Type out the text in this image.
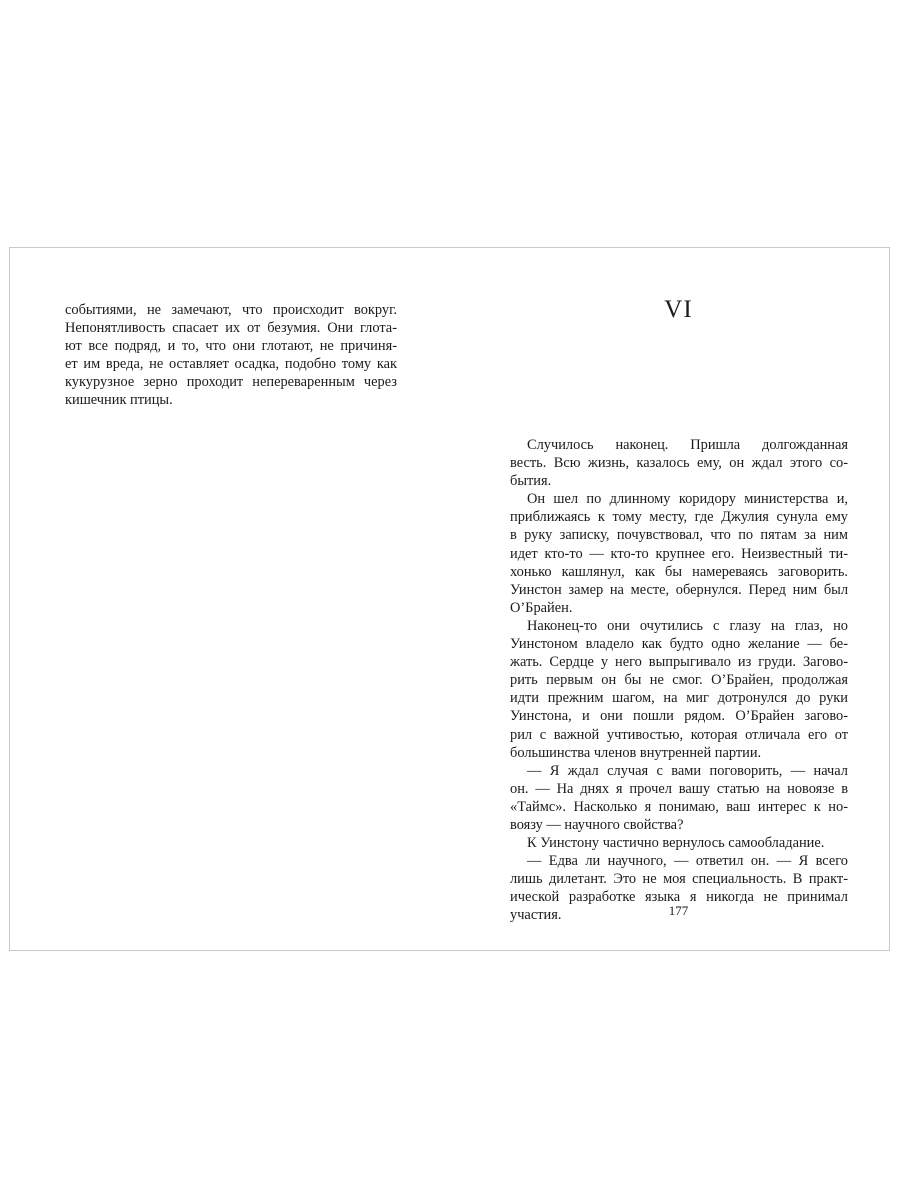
событиями, не замечают, что происходит вокруг.
Непонятливость спасает их от безумия. Они глота-
ют все подряд, и то, что они глотают, не причиня-
ет им вреда, не оставляет осадка, подобно тому как
кукурузное зерно проходит непереваренным через
кишечник птицы.
VI
Случилось наконец. Пришла долгожданная
весть. Всю жизнь, казалось ему, он ждал этого со-
бытия.
Он шел по длинному коридору министерства и,
приближаясь к тому месту, где Джулия сунула ему
в руку записку, почувствовал, что по пятам за ним
идет кто-то — кто-то крупнее его. Неизвестный ти-
хонько кашлянул, как бы намереваясь заговорить.
Уинстон замер на месте, обернулся. Перед ним был
О’Брайен.
Наконец-то они очутились с глазу на глаз, но
Уинстоном владело как будто одно желание — бе-
жать. Сердце у него выпрыгивало из груди. Загово-
рить первым он бы не смог. О’Брайен, продолжая
идти прежним шагом, на миг дотронулся до руки
Уинстона, и они пошли рядом. О’Брайен загово-
рил с важной учтивостью, которая отличала его от
большинства членов внутренней партии.
— Я ждал случая с вами поговорить, — начал
он. — На днях я прочел вашу статью на новоязе в
«Таймс». Насколько я понимаю, ваш интерес к но-
воязу — научного свойства?
К Уинстону частично вернулось самообладание.
— Едва ли научного, — ответил он. — Я всего
лишь дилетант. Это не моя специальность. В практ-
ической разработке языка я никогда не принимал
участия.	177
